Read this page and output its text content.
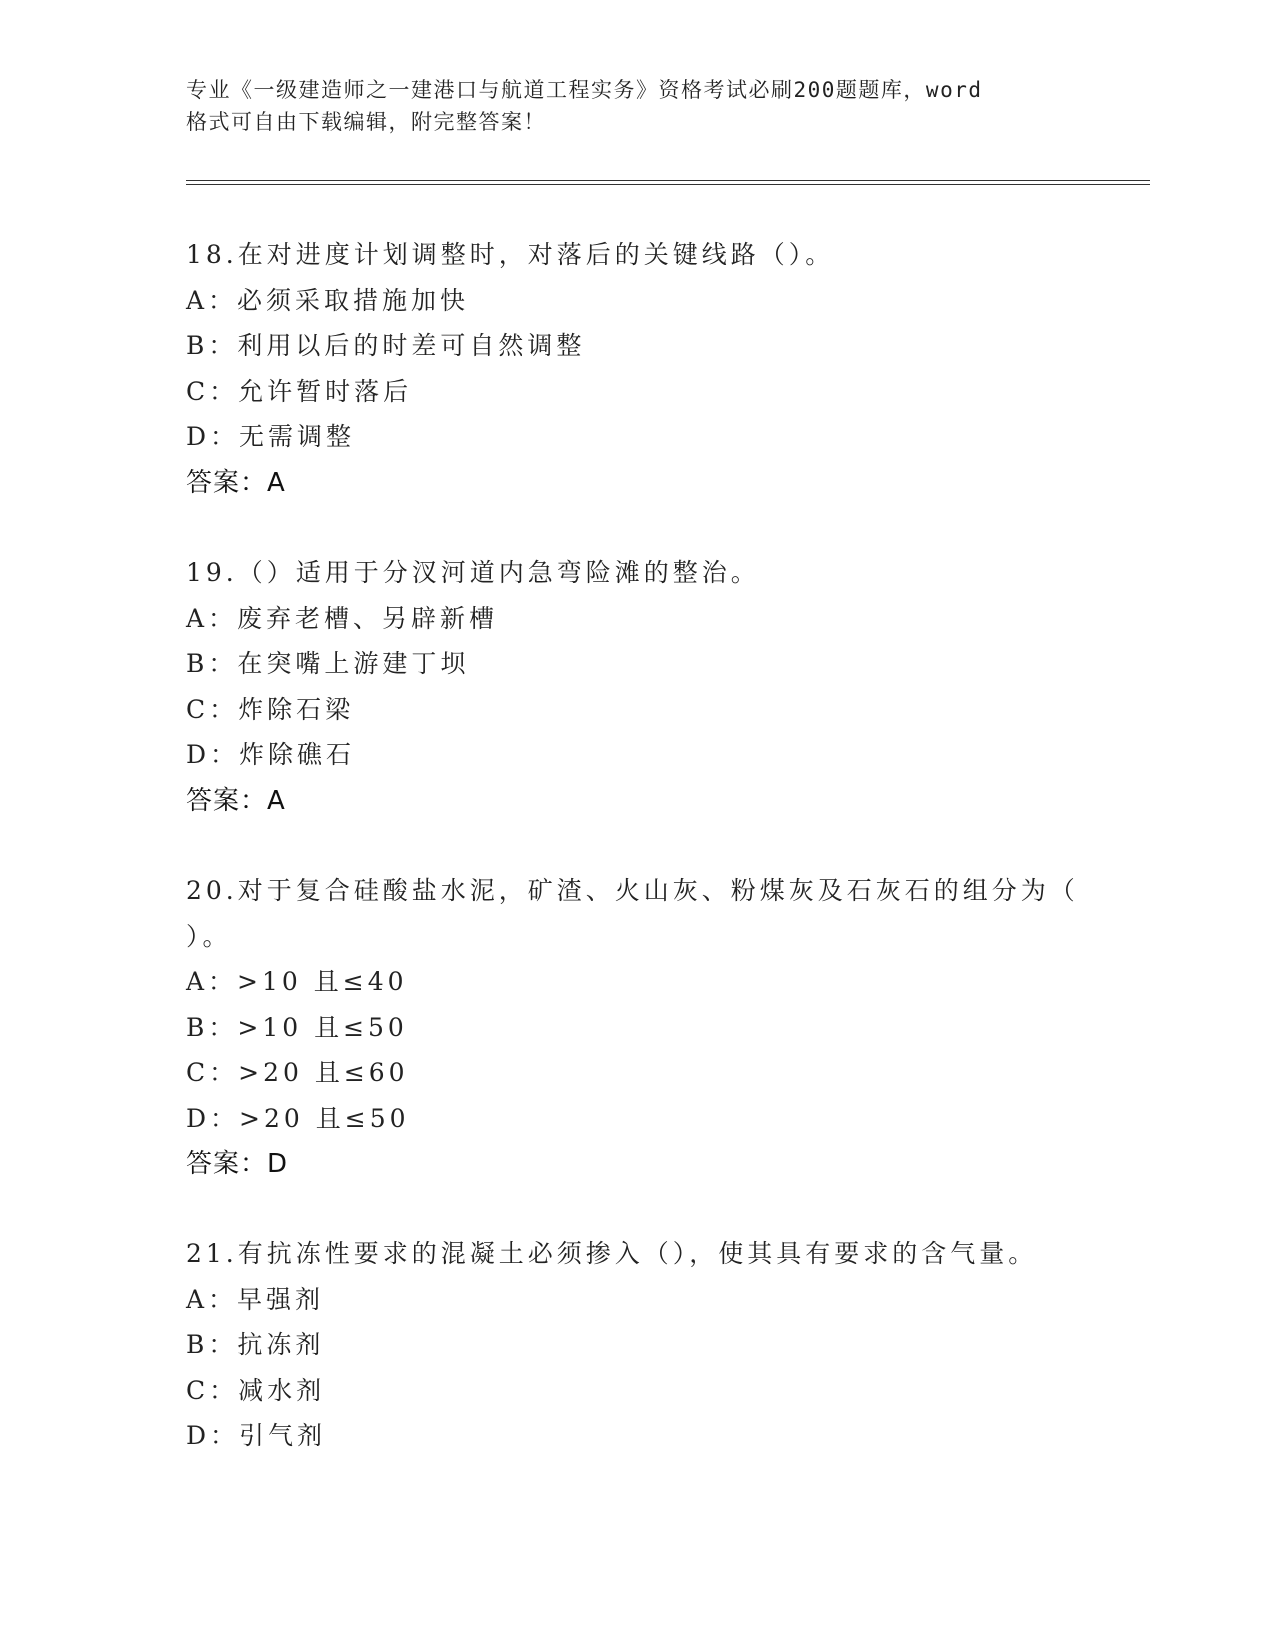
专业《一级建造师之一建港口与航道工程实务》资格考试必刷200题题库，word
格式可自由下载编辑，附完整答案！
18.在对进度计划调整时，对落后的关键线路（）。
A：必须采取措施加快
B：利用以后的时差可自然调整
C：允许暂时落后
D：无需调整
答案：A
19.（）适用于分汊河道内急弯险滩的整治。
A：废弃老槽、另辟新槽
B：在突嘴上游建丁坝
C：炸除石梁
D：炸除礁石
答案：A
20.对于复合硅酸盐水泥，矿渣、火山灰、粉煤灰及石灰石的组分为（
）。
A：>10 且≤40
B：>10 且≤50
C：>20 且≤60
D：>20 且≤50
答案：D
21.有抗冻性要求的混凝土必须掺入（），使其具有要求的含气量。
A：早强剂
B：抗冻剂
C：减水剂
D：引气剂
